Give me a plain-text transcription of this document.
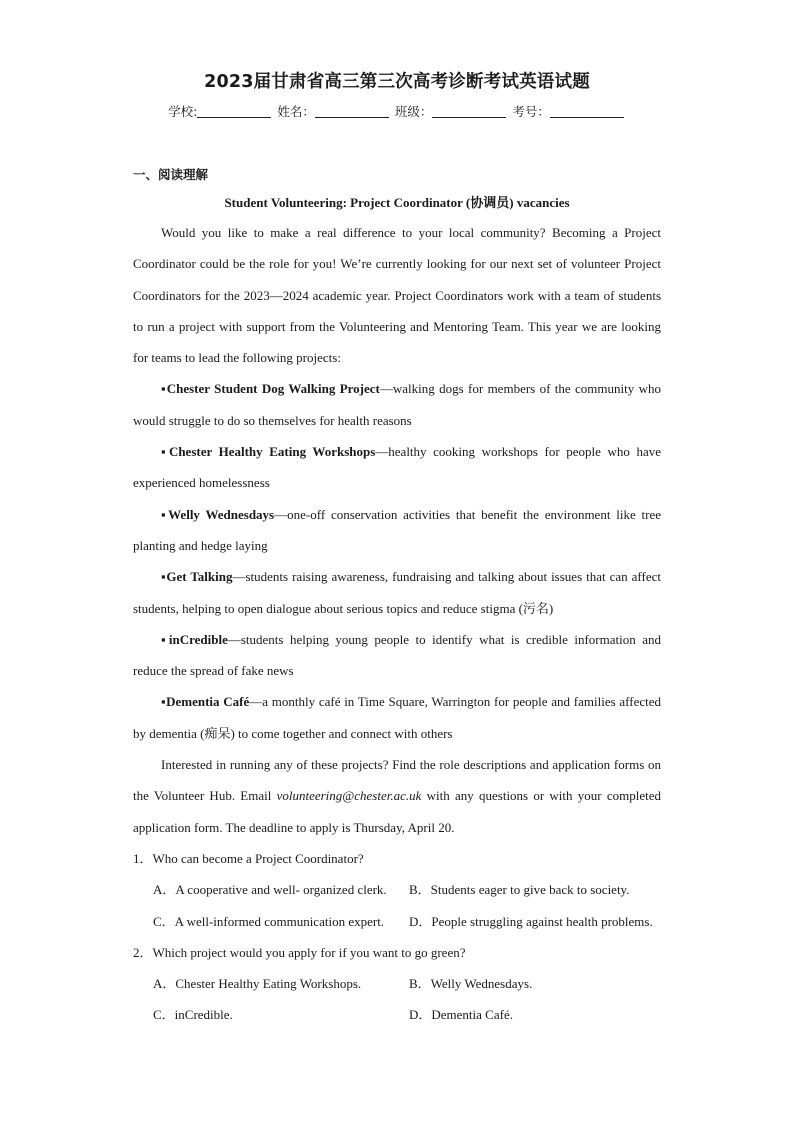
2023届甘肃省高三第三次高考诊断考试英语试题
学校:	姓名：	班级：	考号：
一、阅读理解
Student Volunteering: Project Coordinator (协调员) vacancies

Would you like to make a real difference to your local community? Becoming a Project Coordinator could be the role for you! We’re currently looking for our next set of volunteer Project Coordinators for the 2023—2024 academic year. Project Coordinators work with a team of students to run a project with support from the Volunteering and Mentoring Team. This year we are looking for teams to lead the following projects:

▪Chester Student Dog Walking Project—walking dogs for members of the community who would struggle to do so themselves for health reasons

▪Chester Healthy Eating Workshops—healthy cooking workshops for people who have experienced homelessness

▪Welly Wednesdays—one-off conservation activities that benefit the environment like tree planting and hedge laying

▪Get Talking—students raising awareness, fundraising and talking about issues that can affect students, helping to open dialogue about serious topics and reduce stigma (污名)

▪inCredible—students helping young people to identify what is credible information and reduce the spread of fake news

▪Dementia Café—a monthly café in Time Square, Warrington for people and families affected by dementia (痴呆) to come together and connect with others

Interested in running any of these projects? Find the role descriptions and application forms on the Volunteer Hub. Email volunteering@chester.ac.uk with any questions or with your completed application form. The deadline to apply is Thursday, April 20.

1．Who can become a Project Coordinator?

A．A cooperative and well- organized clerk.	B．Students eager to give back to society.
C．A well-informed communication expert.	D．People struggling against health problems.

2．Which project would you apply for if you want to go green?

A．Chester Healthy Eating Workshops.	B．Welly Wednesdays.
C．inCredible.	D．Dementia Café.
